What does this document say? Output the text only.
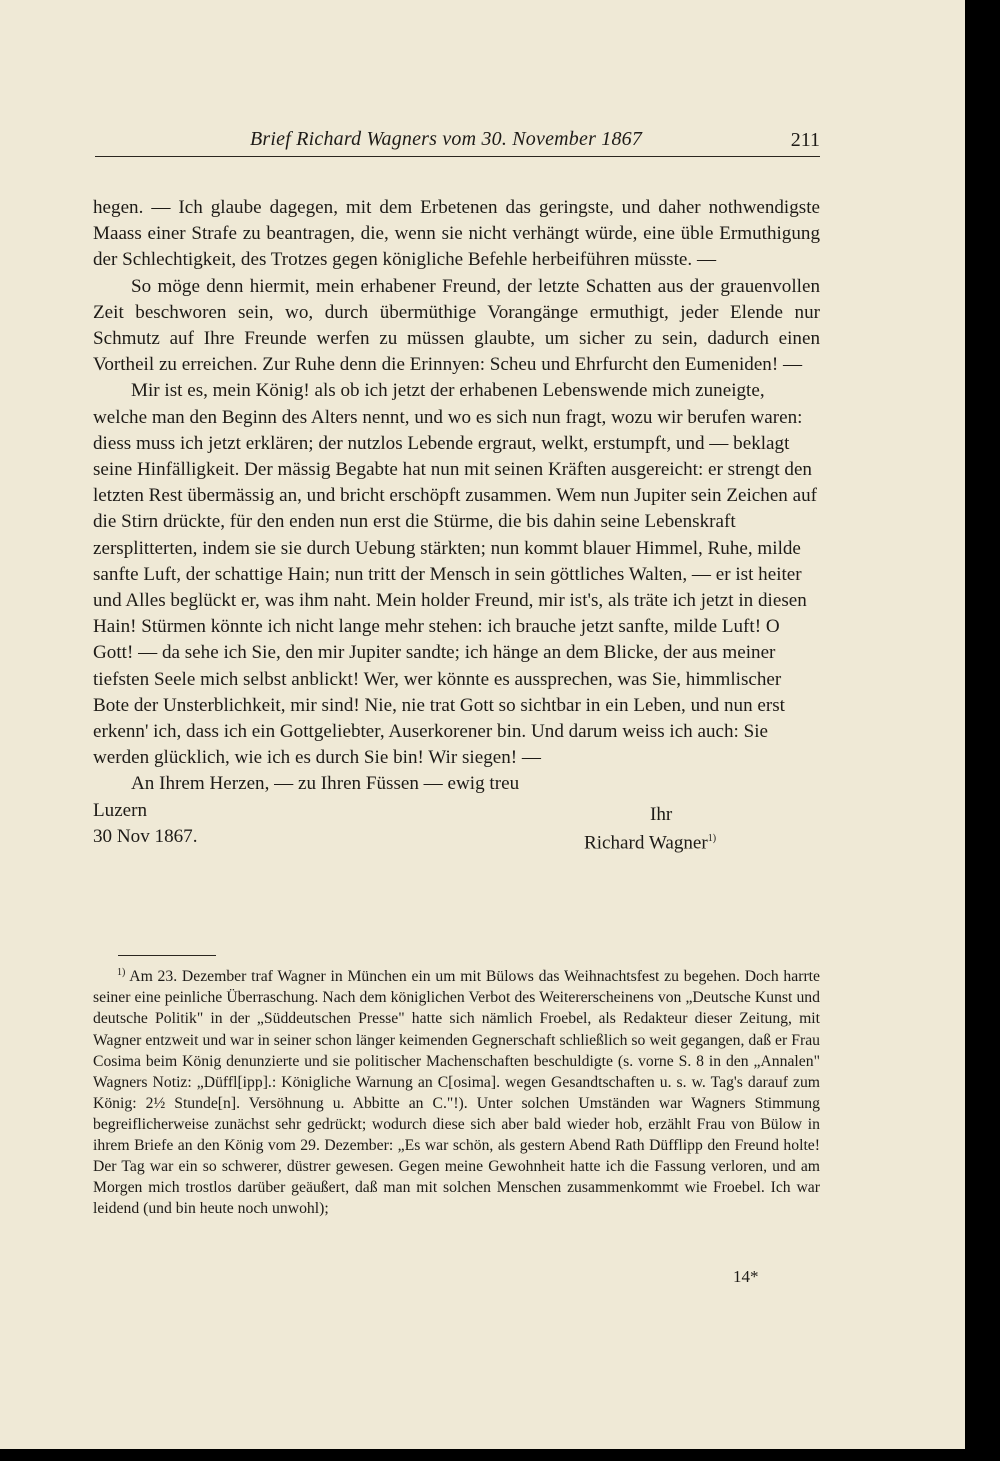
Brief Richard Wagners vom 30. November 1867	211

hegen. — Ich glaube dagegen, mit dem Erbetenen das geringste, und daher nothwendigste Maass einer Strafe zu beantragen, die, wenn sie nicht verhängt würde, eine üble Ermuthigung der Schlechtigkeit, des Trotzes gegen königliche Befehle herbeiführen müsste. —

So möge denn hiermit, mein erhabener Freund, der letzte Schatten aus der grauenvollen Zeit beschworen sein, wo, durch übermüthige Vorangänge ermuthigt, jeder Elende nur Schmutz auf Ihre Freunde werfen zu müssen glaubte, um sicher zu sein, dadurch einen Vortheil zu erreichen. Zur Ruhe denn die Erinnyen: Scheu und Ehrfurcht den Eumeniden! —

Mir ist es, mein König! als ob ich jetzt der erhabenen Lebenswende mich zuneigte, welche man den Beginn des Alters nennt, und wo es sich nun fragt, wozu wir berufen waren: diess muss ich jetzt erklären; der nutzlos Lebende ergraut, welkt, erstumpft, und — beklagt seine Hinfälligkeit. Der mässig Begabte hat nun mit seinen Kräften ausgereicht: er strengt den letzten Rest übermässig an, und bricht erschöpft zusammen. Wem nun Jupiter sein Zeichen auf die Stirn drückte, für den enden nun erst die Stürme, die bis dahin seine Lebenskraft zersplitterten, indem sie sie durch Uebung stärkten; nun kommt blauer Himmel, Ruhe, milde sanfte Luft, der schattige Hain; nun tritt der Mensch in sein göttliches Walten, — er ist heiter und Alles beglückt er, was ihm naht. Mein holder Freund, mir ist's, als träte ich jetzt in diesen Hain! Stürmen könnte ich nicht lange mehr stehen: ich brauche jetzt sanfte, milde Luft! O Gott! — da sehe ich Sie, den mir Jupiter sandte; ich hänge an dem Blicke, der aus meiner tiefsten Seele mich selbst anblickt! Wer, wer könnte es aussprechen, was Sie, himmlischer Bote der Unsterblichkeit, mir sind! Nie, nie trat Gott so sichtbar in ein Leben, und nun erst erkenn' ich, dass ich ein Gottgeliebter, Auserkorener bin. Und darum weiss ich auch: Sie werden glücklich, wie ich es durch Sie bin! Wir siegen! —

An Ihrem Herzen, — zu Ihren Füssen — ewig treu

Luzern	Ihr
30 Nov 1867.	Richard Wagner$^{1)}$

$^{1)}$ Am 23. Dezember traf Wagner in München ein um mit Bülows das Weihnachtsfest zu begehen. Doch harrte seiner eine peinliche Überraschung. Nach dem königlichen Verbot des Weitererscheinens von „Deutsche Kunst und deutsche Politik" in der „Süddeutschen Presse" hatte sich nämlich Froebel, als Redakteur dieser Zeitung, mit Wagner entzweit und war in seiner schon länger keimenden Gegnerschaft schließlich so weit gegangen, daß er Frau Cosima beim König denunzierte und sie politischer Machenschaften beschuldigte (s. vorne S. 8 in den „Annalen" Wagners Notiz: „Düffl[ipp].: Königliche Warnung an C[osima]. wegen Gesandtschaften u. s. w. Tag's darauf zum König: 2½ Stunde[n]. Versöhnung u. Abbitte an C."!). Unter solchen Umständen war Wagners Stimmung begreiflicherweise zunächst sehr gedrückt; wodurch diese sich aber bald wieder hob, erzählt Frau von Bülow in ihrem Briefe an den König vom 29. Dezember: „Es war schön, als gestern Abend Rath Düfflipp den Freund holte! Der Tag war ein so schwerer, düstrer gewesen. Gegen meine Gewohnheit hatte ich die Fassung verloren, und am Morgen mich trostlos darüber geäußert, daß man mit solchen Menschen zusammenkommt wie Froebel. Ich war leidend (und bin heute noch unwohl);

14*
